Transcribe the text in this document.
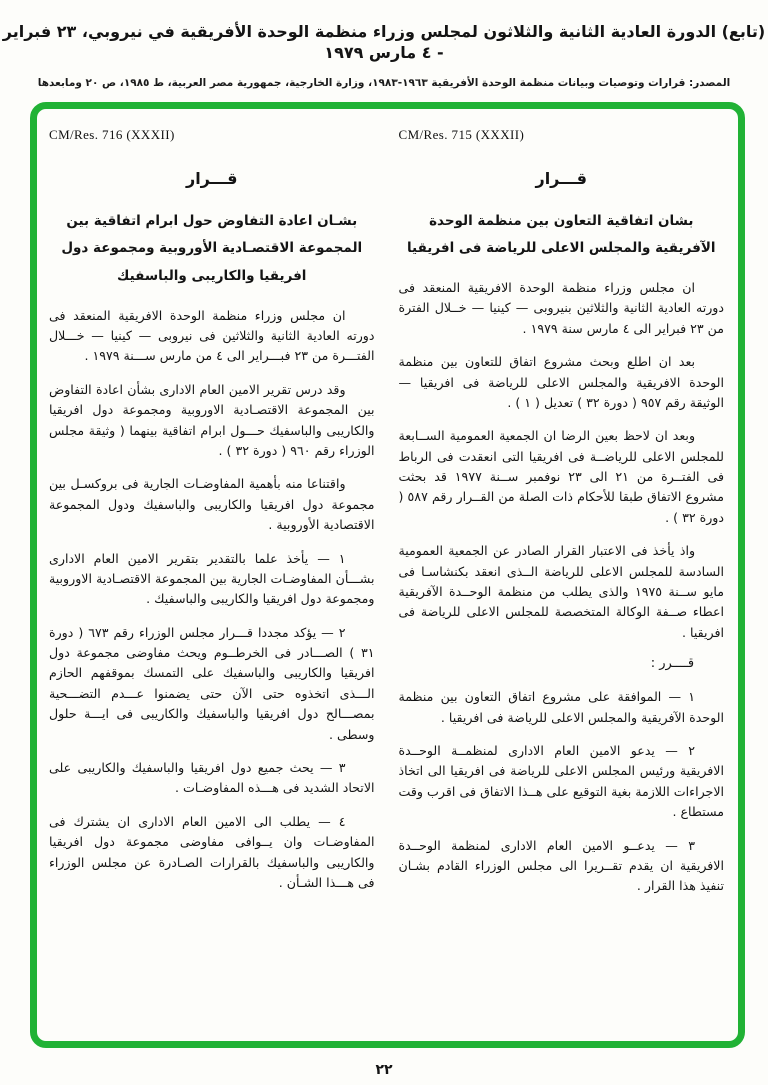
(تابع) الدورة العادية الثانية والثلاثون لمجلس وزراء منظمة الوحدة الأفريقية في نيروبي، ٢٣ فبراير - ٤ مارس ١٩٧٩
المصدر: قرارات وتوصيات وبيانات منظمة الوحدة الأفريقية ١٩٦٣-١٩٨٣، وزارة الخارجية، جمهورية مصر العربية، ط ١٩٨٥، ص ٢٠ ومابعدها
CM/Res. 715 (XXXII)
قـــرار
بشان اتفاقية التعاون بين منظمة الوحدة الآفريقية والمجلس الاعلى للرياضة فى افريقيا

ان مجلس وزراء منظمة الوحدة الافريقية المنعقد فى دورته العادية الثانية والثلاثين بنيروبى — كينيا — خــلال الفترة من ٢٣ فبراير الى ٤ مارس سنة ١٩٧٩ .

بعد ان اطلع وبحث مشروع اتفاق للتعاون بين منظمة الوحدة الافريقية والمجلس الاعلى للرياضة فى افريقيا — الوثيقة رقم ٩٥٧ ( دورة ٣٢ ) تعديل ( ١ ) .

وبعد ان لاحظ بعين الرضا ان الجمعية العمومية الســابعة للمجلس الاعلى للرياضــة فى افريقيا التى انعقدت فى الرباط فى الفتــرة من ٢١ الى ٢٣ نوفمبر ســنة ١٩٧٧ قد بحثت مشروع الاتفاق طبقا للأحكام ذات الصلة من القــرار رقم ٥٨٧ ( دورة ٣٢ ) .

واذ يأخذ فى الاعتبار القرار الصادر عن الجمعية العمومية السادسة للمجلس الاعلى للرياضة الــذى انعقد بكنشاسـا فى مايو ســنة ١٩٧٥ والذى يطلب من منظمة الوحــدة الآفريقية اعطاء صــفة الوكالة المتخصصة للمجلس الاعلى للرياضة فى افريقيا .

قــــرر :

١ — الموافقة على مشروع اتفاق التعاون بين منظمة الوحدة الآفريقية والمجلس الاعلى للرياضة فى افريقيا .

٢ — يدعو الامين العام الادارى لمنظمــة الوحــدة الافريقية ورئيس المجلس الاعلى للرياضة فى افريقيا الى اتخاذ الاجراءات اللازمة بغية التوقيع على هــذا الاتفاق فى اقرب وقت مستطاع .

٣ — يدعــو الامين العام الادارى لمنظمة الوحــدة الافريقية ان يقدم تقــريرا الى مجلس الوزراء القادم بشـان تنفيذ هذا القرار .

CM/Res. 716 (XXXII)
قـــرار
بشـان اعادة التفاوض حول ابرام اتفاقية بين المجموعة الاقتصـادية الأوروبية ومجموعة دول افريقيا والكاريبى والباسفيك

ان مجلس وزراء منظمة الوحدة الافريقية المنعقد فى دورته العادية الثانية والثلاثين فى نيروبى — كينيا — خـــلال الفتـــرة من ٢٣ فبـــراير الى ٤ من مارس ســـنة ١٩٧٩ .

وقد درس تقرير الامين العام الادارى بشأن اعادة التفاوض بين المجموعة الاقتصـادية الاوروبية ومجموعة دول افريقيا والكاريبى والباسفيك حـــول ابرام اتفاقية بينهما ( وثيقة مجلس الوزراء رقم ٩٦٠ ( دورة ٣٢ ) .

واقتناعا منه بأهمية المفاوضـات الجارية فى بروكسـل بين مجموعة دول افريقيا والكاريبى والباسفيك ودول المجموعة الاقتصادية الأوروبية .

١ — يأخذ علما بالتقدير بتقرير الامين العام الادارى بشـــأن المفاوضـات الجارية بين المجموعة الاقتصـادية الاوروبية ومجموعة دول افريقيا والكاريبى والباسفيك .

٢ — يؤكد مجددا قـــرار مجلس الوزراء رقم ٦٧٣ ( دورة ٣١ ) الصـــادر فى الخرطــوم ويحث مفاوضى مجموعة دول افريقيا والكاريبى والباسفيك على التمسك بموقفهم الحازم الـــذى اتخذوه حتى الآن حتى يضمنوا عـــدم التضـــحية بمصـــالح دول افريقيا والباسفيك والكاريبى فى ايـــة حلول وسطى .

٣ — يحث جميع دول افريقيا والباسفيك والكاريبى على الاتحاد الشديد فى هـــذه المفاوضـات .

٤ — يطلب الى الامين العام الادارى ان يشترك فى المفاوضـات وان يــوافى مفاوضى مجموعة دول افريقيا والكاريبى والباسفيك بالقرارات الصـادرة عن مجلس الوزراء فى هـــذا الشـأن .

٢٢
